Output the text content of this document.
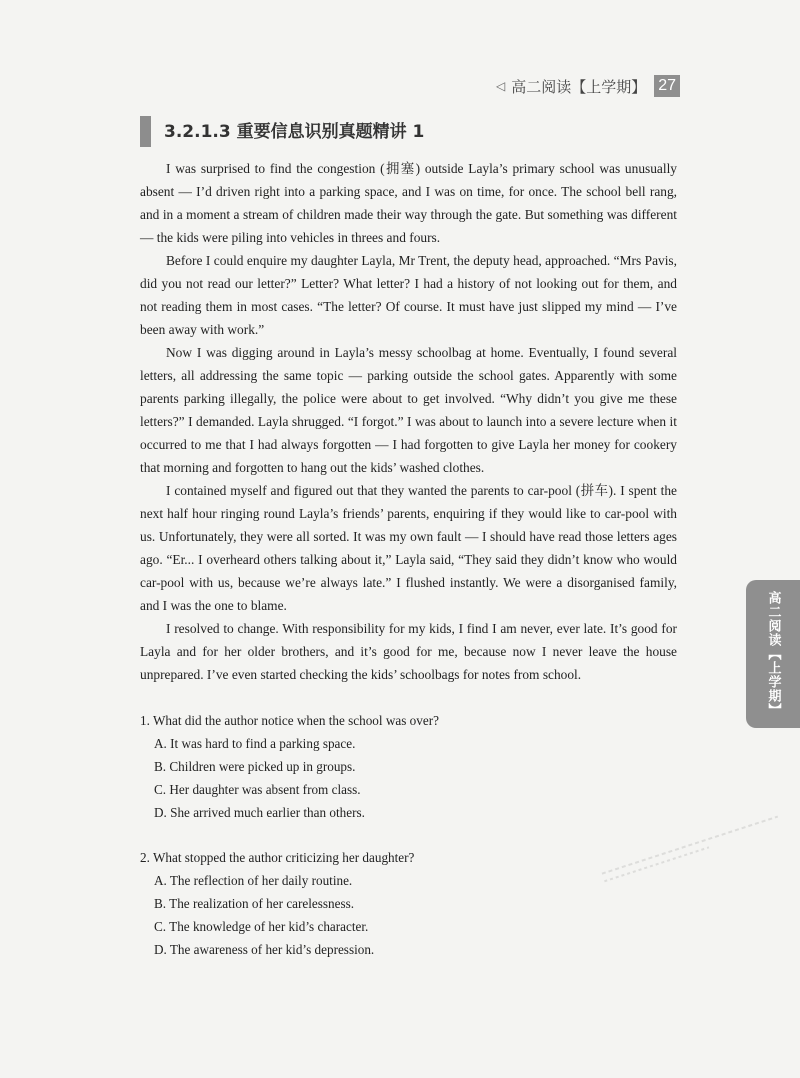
◁ 高二阅读【上学期】 27
3.2.1.3 重要信息识别真题精讲 1

I was surprised to find the congestion (拥塞) outside Layla’s primary school was unusually absent — I’d driven right into a parking space, and I was on time, for once. The school bell rang, and in a moment a stream of children made their way through the gate. But something was different — the kids were piling into vehicles in threes and fours.

Before I could enquire my daughter Layla, Mr Trent, the deputy head, approached. “Mrs Pavis, did you not read our letter?” Letter? What letter? I had a history of not looking out for them, and not reading them in most cases. “The letter? Of course. It must have just slipped my mind — I’ve been away with work.”

Now I was digging around in Layla’s messy schoolbag at home. Eventually, I found several letters, all addressing the same topic — parking outside the school gates. Apparently with some parents parking illegally, the police were about to get involved. “Why didn’t you give me these letters?” I demanded. Layla shrugged. “I forgot.” I was about to launch into a severe lecture when it occurred to me that I had always forgotten — I had forgotten to give Layla her money for cookery that morning and forgotten to hang out the kids’ washed clothes.

I contained myself and figured out that they wanted the parents to car-pool (拼车). I spent the next half hour ringing round Layla’s friends’ parents, enquiring if they would like to car-pool with us. Unfortunately, they were all sorted. It was my own fault — I should have read those letters ages ago. “Er... I overheard others talking about it,” Layla said, “They said they didn’t know who would car-pool with us, because we’re always late.” I flushed instantly. We were a disorganised family, and I was the one to blame.

I resolved to change. With responsibility for my kids, I find I am never, ever late. It’s good for Layla and for her older brothers, and it’s good for me, because now I never leave the house unprepared. I’ve even started checking the kids’ schoolbags for notes from school.

1. What did the author notice when the school was over?

A. It was hard to find a parking space.

B. Children were picked up in groups.

C. Her daughter was absent from class.

D. She arrived much earlier than others.

2. What stopped the author criticizing her daughter?

A. The reflection of her daily routine.

B. The realization of her carelessness.

C. The knowledge of her kid’s character.

D. The awareness of her kid’s depression.

高二阅读【上学期】
